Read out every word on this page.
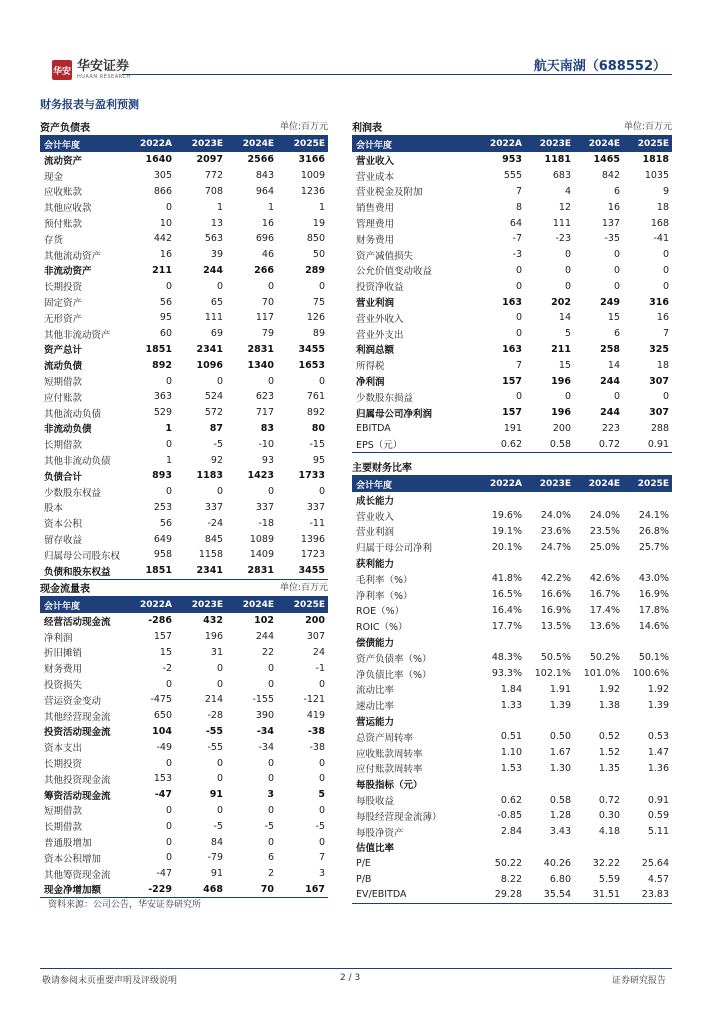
华安 华安证券
HUAAN RESEARCH
航天南湖（688552）
财务报表与盈利预测
资产负债表	单位:百万元
会计年度	2022A	2023E	2024E	2025E
流动资产	1640	2097	2566	3166
现金	305	772	843	1009
应收账款	866	708	964	1236
其他应收款	0	1	1	1
预付账款	10	13	16	19
存货	442	563	696	850
其他流动资产	16	39	46	50
非流动资产	211	244	266	289
长期投资	0	0	0	0
固定资产	56	65	70	75
无形资产	95	111	117	126
其他非流动资产	60	69	79	89
资产总计	1851	2341	2831	3455
流动负债	892	1096	1340	1653
短期借款	0	0	0	0
应付账款	363	524	623	761
其他流动负债	529	572	717	892
非流动负债	1	87	83	80
长期借款	0	-5	-10	-15
其他非流动负债	1	92	93	95
负债合计	893	1183	1423	1733
少数股东权益	0	0	0	0
股本	253	337	337	337
资本公积	56	-24	-18	-11
留存收益	649	845	1089	1396
归属母公司股东权	958	1158	1409	1723
负债和股东权益	1851	2341	2831	3455
现金流量表	单位:百万元
会计年度	2022A	2023E	2024E	2025E
经营活动现金流	-286	432	102	200
净利润	157	196	244	307
折旧摊销	15	31	22	24
财务费用	-2	0	0	-1
投资损失	0	0	0	0
营运资金变动	-475	214	-155	-121
其他经营现金流	650	-28	390	419
投资活动现金流	104	-55	-34	-38
资本支出	-49	-55	-34	-38
长期投资	0	0	0	0
其他投资现金流	153	0	0	0
筹资活动现金流	-47	91	3	5
短期借款	0	0	0	0
长期借款	0	-5	-5	-5
普通股增加	0	84	0	0
资本公积增加	0	-79	6	7
其他筹资现金流	-47	91	2	3
现金净增加额	-229	468	70	167
利润表	单位:百万元
会计年度	2022A	2023E	2024E	2025E
营业收入	953	1181	1465	1818
营业成本	555	683	842	1035
营业税金及附加	7	4	6	9
销售费用	8	12	16	18
管理费用	64	111	137	168
财务费用	-7	-23	-35	-41
资产减值损失	-3	0	0	0
公允价值变动收益	0	0	0	0
投资净收益	0	0	0	0
营业利润	163	202	249	316
营业外收入	0	14	15	16
营业外支出	0	5	6	7
利润总额	163	211	258	325
所得税	7	15	14	18
净利润	157	196	244	307
少数股东损益	0	0	0	0
归属母公司净利润	157	196	244	307
EBITDA	191	200	223	288
EPS（元）	0.62	0.58	0.72	0.91
主要财务比率
会计年度	2022A	2023E	2024E	2025E
成长能力
营业收入	19.6%	24.0%	24.0%	24.1%
营业利润	19.1%	23.6%	23.5%	26.8%
归属于母公司净利	20.1%	24.7%	25.0%	25.7%
获利能力
毛利率（%）	41.8%	42.2%	42.6%	43.0%
净利率（%）	16.5%	16.6%	16.7%	16.9%
ROE（%）	16.4%	16.9%	17.4%	17.8%
ROIC（%）	17.7%	13.5%	13.6%	14.6%
偿债能力
资产负债率（%）	48.3%	50.5%	50.2%	50.1%
净负债比率（%）	93.3%	102.1%	101.0%	100.6%
流动比率	1.84	1.91	1.92	1.92
速动比率	1.33	1.39	1.38	1.39
营运能力
总资产周转率	0.51	0.50	0.52	0.53
应收账款周转率	1.10	1.67	1.52	1.47
应付账款周转率	1.53	1.30	1.35	1.36
每股指标（元）
每股收益	0.62	0.58	0.72	0.91
每股经营现金流薄）	-0.85	1.28	0.30	0.59
每股净资产	2.84	3.43	4.18	5.11
估值比率
P/E	50.22	40.26	32.22	25.64
P/B	8.22	6.80	5.59	4.57
EV/EBITDA	29.28	35.54	31.51	23.83
资料来源：公司公告，华安证券研究所
敬请参阅末页重要声明及评级说明	2 / 3	证券研究报告
